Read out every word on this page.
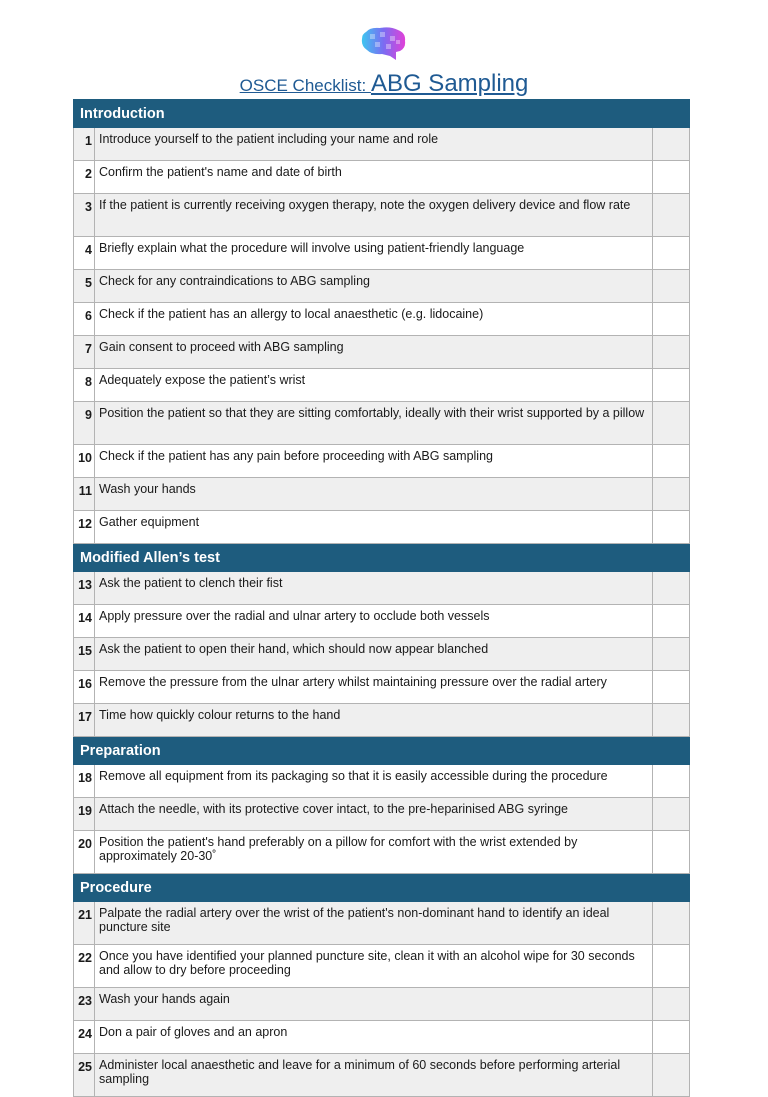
OSCE Checklist: ABG Sampling
Introduction		
1	Introduce yourself to the patient including your name and role	
2	Confirm the patient's name and date of birth	
3	If the patient is currently receiving oxygen therapy, note the oxygen delivery device and flow rate	
4	Briefly explain what the procedure will involve using patient-friendly language	
5	Check for any contraindications to ABG sampling	
6	Check if the patient has an allergy to local anaesthetic (e.g. lidocaine)	
7	Gain consent to proceed with ABG sampling	
8	Adequately expose the patient’s wrist	
9	Position the patient so that they are sitting comfortably, ideally with their wrist supported by a pillow	
10	Check if the patient has any pain before proceeding with ABG sampling	
11	Wash your hands	
12	Gather equipment	
Modified Allen’s test		
13	Ask the patient to clench their fist	
14	Apply pressure over the radial and ulnar artery to occlude both vessels	
15	Ask the patient to open their hand, which should now appear blanched	
16	Remove the pressure from the ulnar artery whilst maintaining pressure over the radial artery	
17	Time how quickly colour returns to the hand	
Preparation		
18	Remove all equipment from its packaging so that it is easily accessible during the procedure	
19	Attach the needle, with its protective cover intact, to the pre-heparinised ABG syringe	
20	Position the patient's hand preferably on a pillow for comfort with the wrist extended by approximately 20-30˚	
Procedure		
21	Palpate the radial artery over the wrist of the patient's non-dominant hand to identify an ideal puncture site	
22	Once you have identified your planned puncture site, clean it with an alcohol wipe for 30 seconds and allow to dry before proceeding	
23	Wash your hands again	
24	Don a pair of gloves and an apron	
25	Administer local anaesthetic and leave for a minimum of 60 seconds before performing arterial sampling	
